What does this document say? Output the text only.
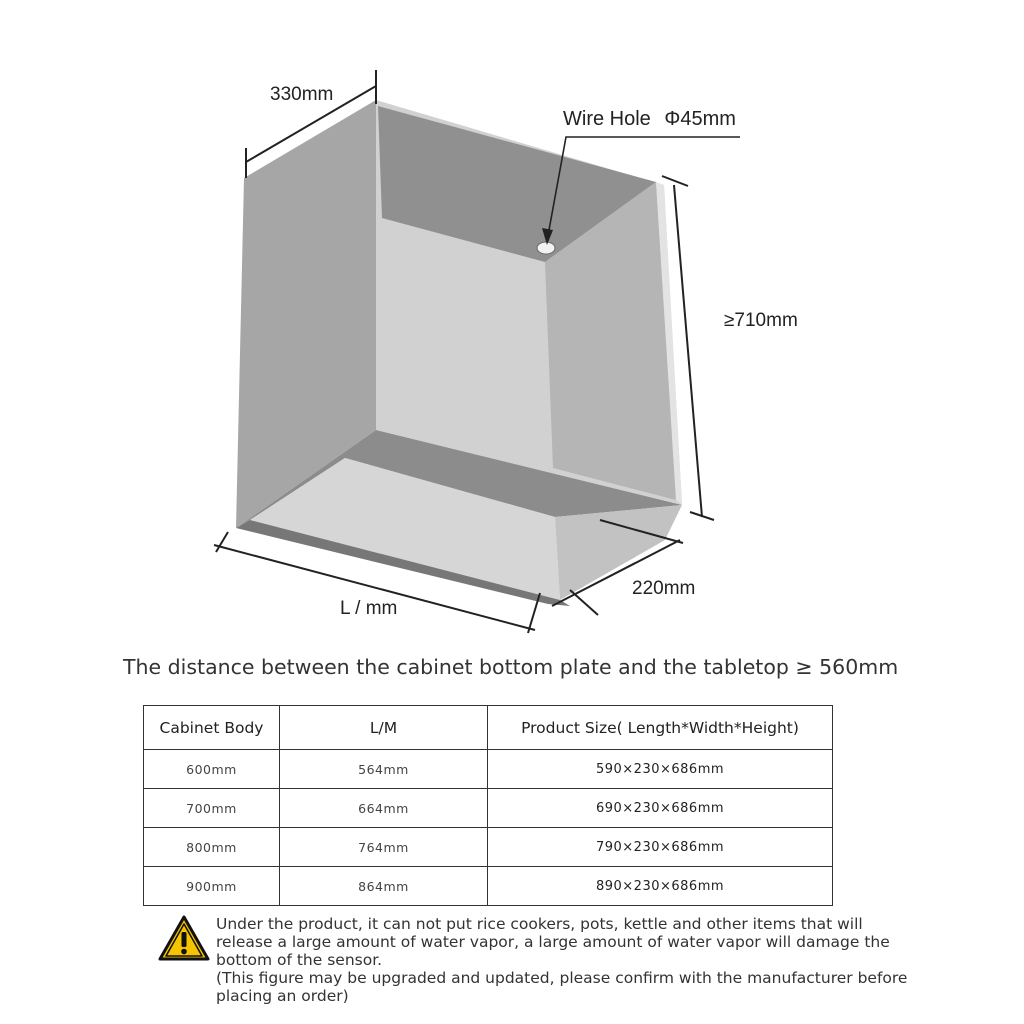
330mm
Wire Hole Φ45mm
≥710mm
220mm
L / mm
The distance between the cabinet bottom plate and the tabletop ≥ 560mm
Cabinet Body	L/M	Product Size( Length*Width*Height)
600mm	564mm	590×230×686mm
700mm	664mm	690×230×686mm
800mm	764mm	790×230×686mm
900mm	864mm	890×230×686mm

Under the product, it can not put rice cookers, pots, kettle and other items that will release a large amount of water vapor, a large amount of water vapor will damage the bottom of the sensor.

(This figure may be upgraded and updated, please confirm with the manufacturer before placing an order)
